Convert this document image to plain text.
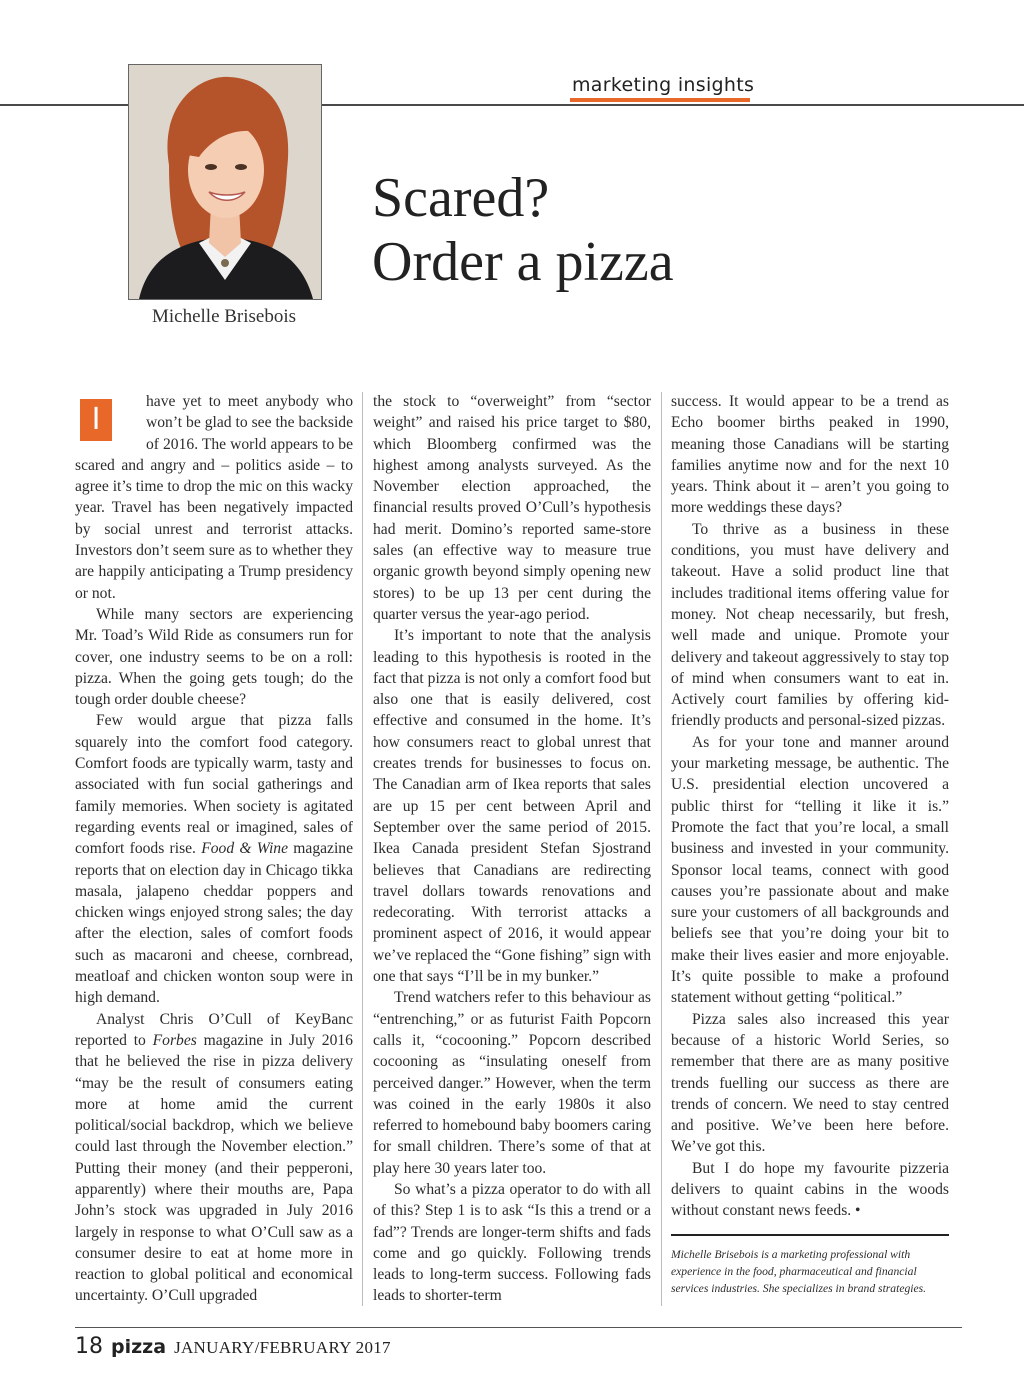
marketing insights
Michelle Brisebois
Scared?
Order a pizza

I
have yet to meet anybody who won’t be glad to see the backside of 2016. The world appears to be scared and angry and – politics aside – to agree it’s time to drop the mic on this wacky year. Travel has been negatively impacted by social unrest and terrorist attacks. Investors don’t seem sure as to whether they are happily anticipating a Trump presidency or not.

While many sectors are experiencing Mr. Toad’s Wild Ride as consumers run for cover, one industry seems to be on a roll: pizza. When the going gets tough; do the tough order double cheese?

Few would argue that pizza falls squarely into the comfort food category. Comfort foods are typically warm, tasty and associated with fun social gatherings and family memories. When society is agitated regarding events real or imagined, sales of comfort foods rise. Food & Wine magazine reports that on election day in Chicago tikka masala, jalapeno cheddar poppers and chicken wings enjoyed strong sales; the day after the election, sales of comfort foods such as macaroni and cheese, cornbread, meatloaf and chicken wonton soup were in high demand.

Analyst Chris O’Cull of KeyBanc reported to Forbes magazine in July 2016 that he believed the rise in pizza delivery “may be the result of consumers eating more at home amid the current political/social backdrop, which we believe could last through the November election.” Putting their money (and their pepperoni, apparently) where their mouths are, Papa John’s stock was upgraded in July 2016 largely in response to what O’Cull saw as a consumer desire to eat at home more in reaction to global political and economical uncertainty. O’Cull upgraded

the stock to “overweight” from “sector weight” and raised his price target to $80, which Bloomberg confirmed was the highest among analysts surveyed. As the November election approached, the financial results proved O’Cull’s hypothesis had merit. Domino’s reported same-store sales (an effective way to measure true organic growth beyond simply opening new stores) to be up 13 per cent during the quarter versus the year-ago period.

It’s important to note that the analysis leading to this hypothesis is rooted in the fact that pizza is not only a comfort food but also one that is easily delivered, cost effective and consumed in the home. It’s how consumers react to global unrest that creates trends for businesses to focus on. The Canadian arm of Ikea reports that sales are up 15 per cent between April and September over the same period of 2015. Ikea Canada president Stefan Sjostrand believes that Canadians are redirecting travel dollars towards renovations and redecorating. With terrorist attacks a prominent aspect of 2016, it would appear we’ve replaced the “Gone fishing” sign with one that says “I’ll be in my bunker.”

Trend watchers refer to this behaviour as “entrenching,” or as futurist Faith Popcorn calls it, “cocooning.” Popcorn described cocooning as “insulating oneself from perceived danger.” However, when the term was coined in the early 1980s it also referred to homebound baby boomers caring for small children. There’s some of that at play here 30 years later too.

So what’s a pizza operator to do with all of this? Step 1 is to ask “Is this a trend or a fad”? Trends are longer-term shifts and fads come and go quickly. Following trends leads to long-term success. Following fads leads to shorter-term

success. It would appear to be a trend as Echo boomer births peaked in 1990, meaning those Canadians will be starting families anytime now and for the next 10 years. Think about it – aren’t you going to more weddings these days?

To thrive as a business in these conditions, you must have delivery and takeout. Have a solid product line that includes traditional items offering value for money. Not cheap necessarily, but fresh, well made and unique. Promote your delivery and takeout aggressively to stay top of mind when consumers want to eat in. Actively court families by offering kid-friendly products and personal-sized pizzas.

As for your tone and manner around your marketing message, be authentic. The U.S. presidential election uncovered a public thirst for “telling it like it is.” Promote the fact that you’re local, a small business and invested in your community. Sponsor local teams, connect with good causes you’re passionate about and make sure your customers of all backgrounds and beliefs see that you’re doing your bit to make their lives easier and more enjoyable. It’s quite possible to make a profound statement without getting “political.”

Pizza sales also increased this year because of a historic World Series, so remember that there are as many positive trends fuelling our success as there are trends of concern. We need to stay centred and positive. We’ve been here before. We’ve got this.

But I do hope my favourite pizzeria delivers to quaint cabins in the woods without constant news feeds. •

Michelle Brisebois is a marketing professional with experience in the food, pharmaceutical and financial services industries. She specializes in brand strategies.

18 pizza JANUARY/FEBRUARY 2017
